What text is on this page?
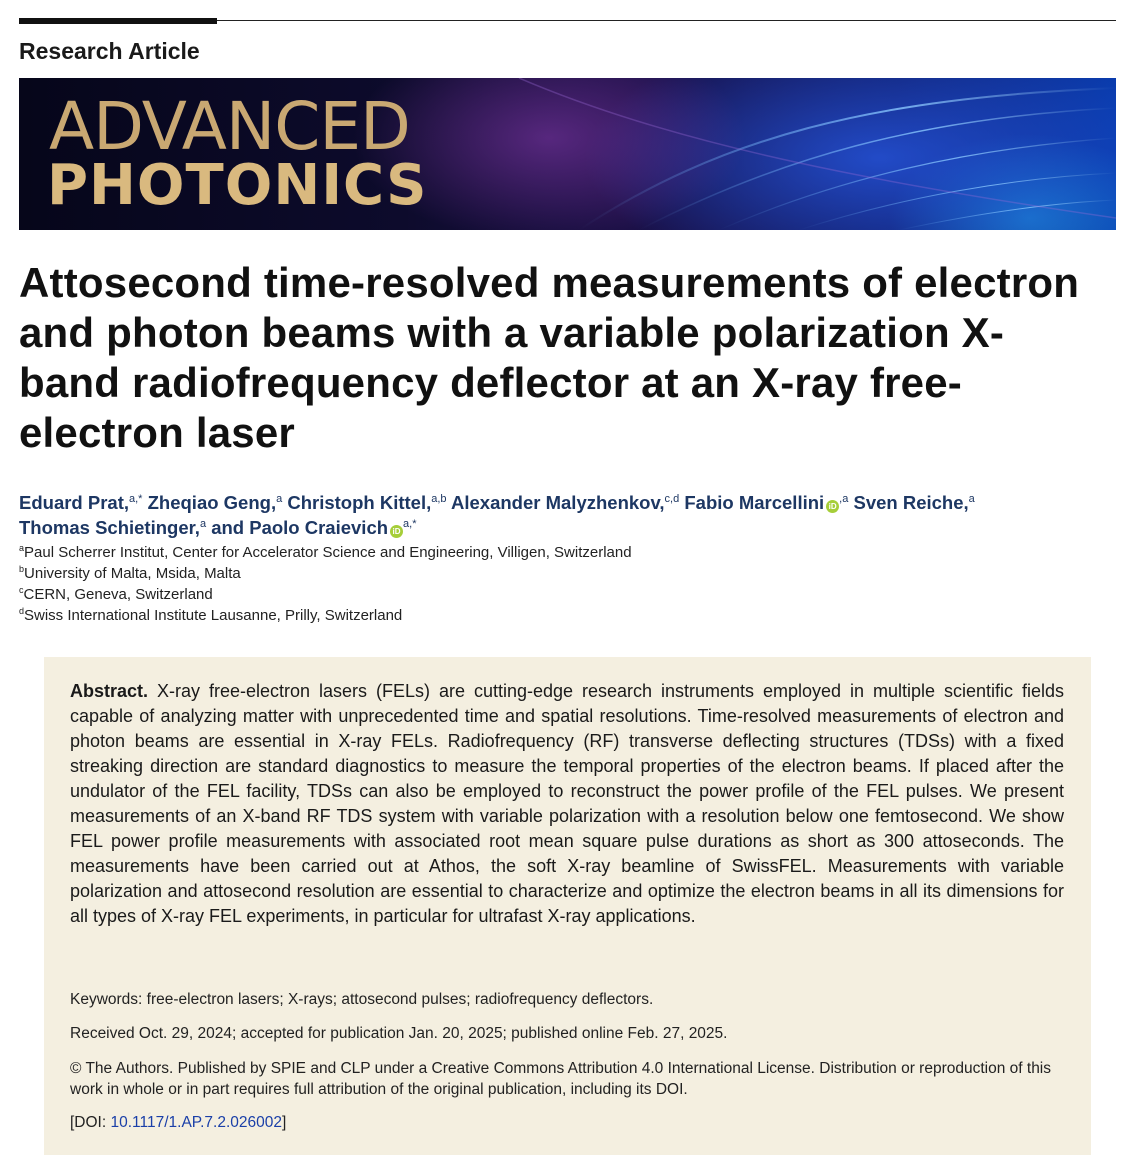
Research Article
ADVANCED
PHOTONICS
Attosecond time-resolved measurements of electron and photon beams with a variable polarization X-band radiofrequency deflector at an X-ray free-electron laser
Eduard Prat,$^{a,*}$ Zheqiao Geng,$^a$ Christoph Kittel,$^{a,b}$ Alexander Malyzhenkov,$^{c,d}$ Fabio Marcellini $iD^{,a}$ Sven Reiche,$^a$
Thomas Schietinger,$^a$ and Paolo Craievich $iD^{a,*}$
$^a$Paul Scherrer Institut, Center for Accelerator Science and Engineering, Villigen, Switzerland
$^b$University of Malta, Msida, Malta
$^c$CERN, Geneva, Switzerland
$^d$Swiss International Institute Lausanne, Prilly, Switzerland
Abstract. X-ray free-electron lasers (FELs) are cutting-edge research instruments employed in multiple scientific fields capable of analyzing matter with unprecedented time and spatial resolutions. Time-resolved measurements of electron and photon beams are essential in X-ray FELs. Radiofrequency (RF) transverse deflecting structures (TDSs) with a fixed streaking direction are standard diagnostics to measure the temporal properties of the electron beams. If placed after the undulator of the FEL facility, TDSs can also be employed to reconstruct the power profile of the FEL pulses. We present measurements of an X-band RF TDS system with variable polarization with a resolution below one femtosecond. We show FEL power profile measurements with associated root mean square pulse durations as short as 300 attoseconds. The measurements have been carried out at Athos, the soft X-ray beamline of SwissFEL. Measurements with variable polarization and attosecond resolution are essential to characterize and optimize the electron beams in all its dimensions for all types of X-ray FEL experiments, in particular for ultrafast X-ray applications.
Keywords: free-electron lasers; X-rays; attosecond pulses; radiofrequency deflectors.
Received Oct. 29, 2024; accepted for publication Jan. 20, 2025; published online Feb. 27, 2025.
© The Authors. Published by SPIE and CLP under a Creative Commons Attribution 4.0 International License. Distribution or reproduction of this work in whole or in part requires full attribution of the original publication, including its DOI.
[DOI: 10.1117/1.AP.7.2.026002]
